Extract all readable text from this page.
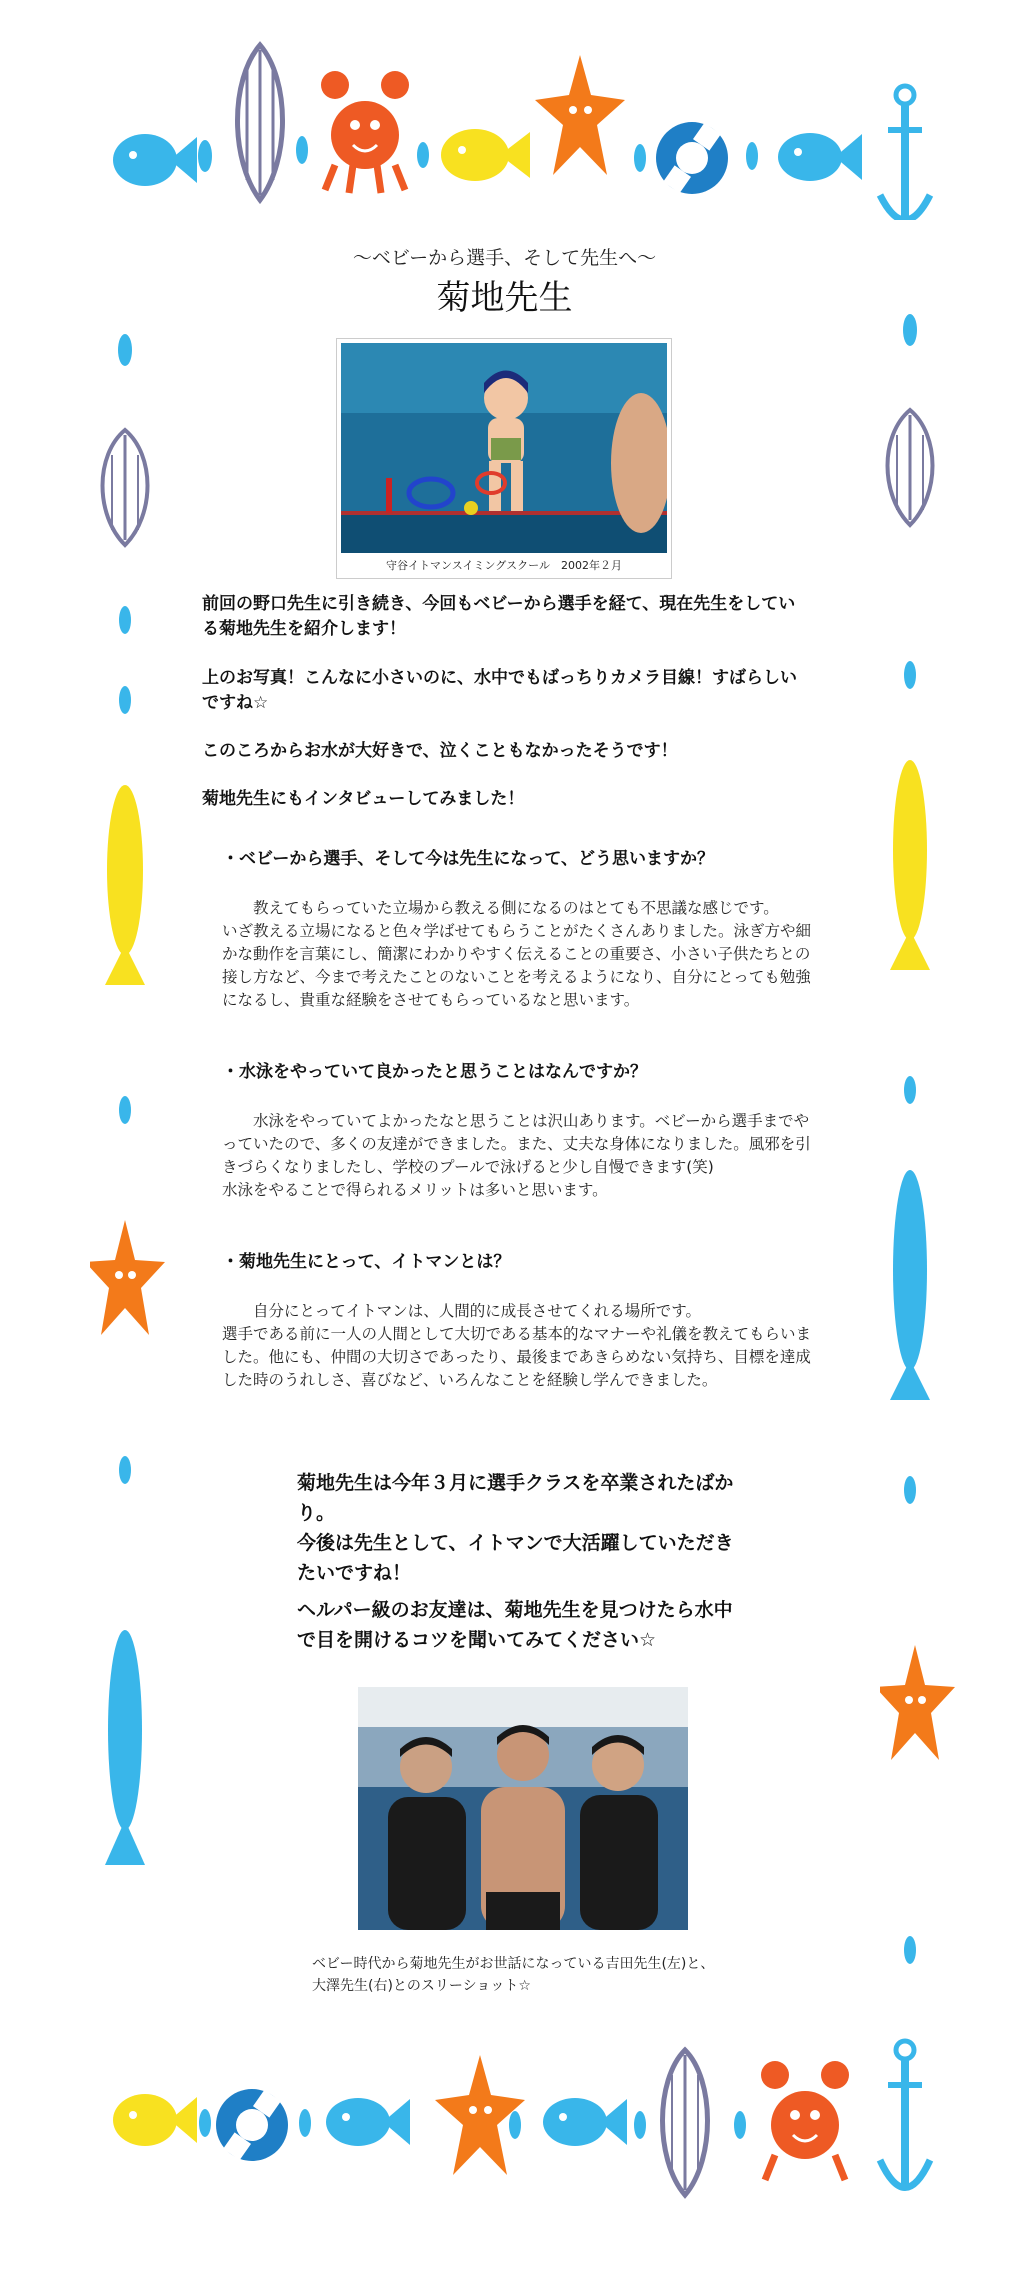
～ベビーから選手、そして先生へ～
菊地先生
守谷イトマンスイミングスクール　2002年２月
前回の野口先生に引き続き、今回もベビーから選手を経て、現在先生をしている菊地先生を紹介します！
上のお写真！こんなに小さいのに、水中でもばっちりカメラ目線！すばらしいですね☆
このころからお水が大好きで、泣くこともなかったそうです！
菊地先生にもインタビューしてみました！
・ベビーから選手、そして今は先生になって、どう思いますか？
　　教えてもらっていた立場から教える側になるのはとても不思議な感じです。
いざ教える立場になると色々学ばせてもらうことがたくさんありました。泳ぎ方や細かな動作を言葉にし、簡潔にわかりやすく伝えることの重要さ、小さい子供たちとの接し方など、今まで考えたことのないことを考えるようになり、自分にとっても勉強になるし、貴重な経験をさせてもらっているなと思います。
・水泳をやっていて良かったと思うことはなんですか？
　　水泳をやっていてよかったなと思うことは沢山あります。ベビーから選手までやっていたので、多くの友達ができました。また、丈夫な身体になりました。風邪を引きづらくなりましたし、学校のプールで泳げると少し自慢できます(笑)
水泳をやることで得られるメリットは多いと思います。
・菊地先生にとって、イトマンとは？
　　自分にとってイトマンは、人間的に成長させてくれる場所です。
選手である前に一人の人間として大切である基本的なマナーや礼儀を教えてもらいました。他にも、仲間の大切さであったり、最後まであきらめない気持ち、目標を達成した時のうれしさ、喜びなど、いろんなことを経験し学んできました。
菊地先生は今年３月に選手クラスを卒業されたばかり。
今後は先生として、イトマンで大活躍していただきたいですね！
ヘルパー級のお友達は、菊地先生を見つけたら水中で目を開けるコツを聞いてみてください☆
ベビー時代から菊地先生がお世話になっている吉田先生(左)と、
大澤先生(右)とのスリーショット☆
